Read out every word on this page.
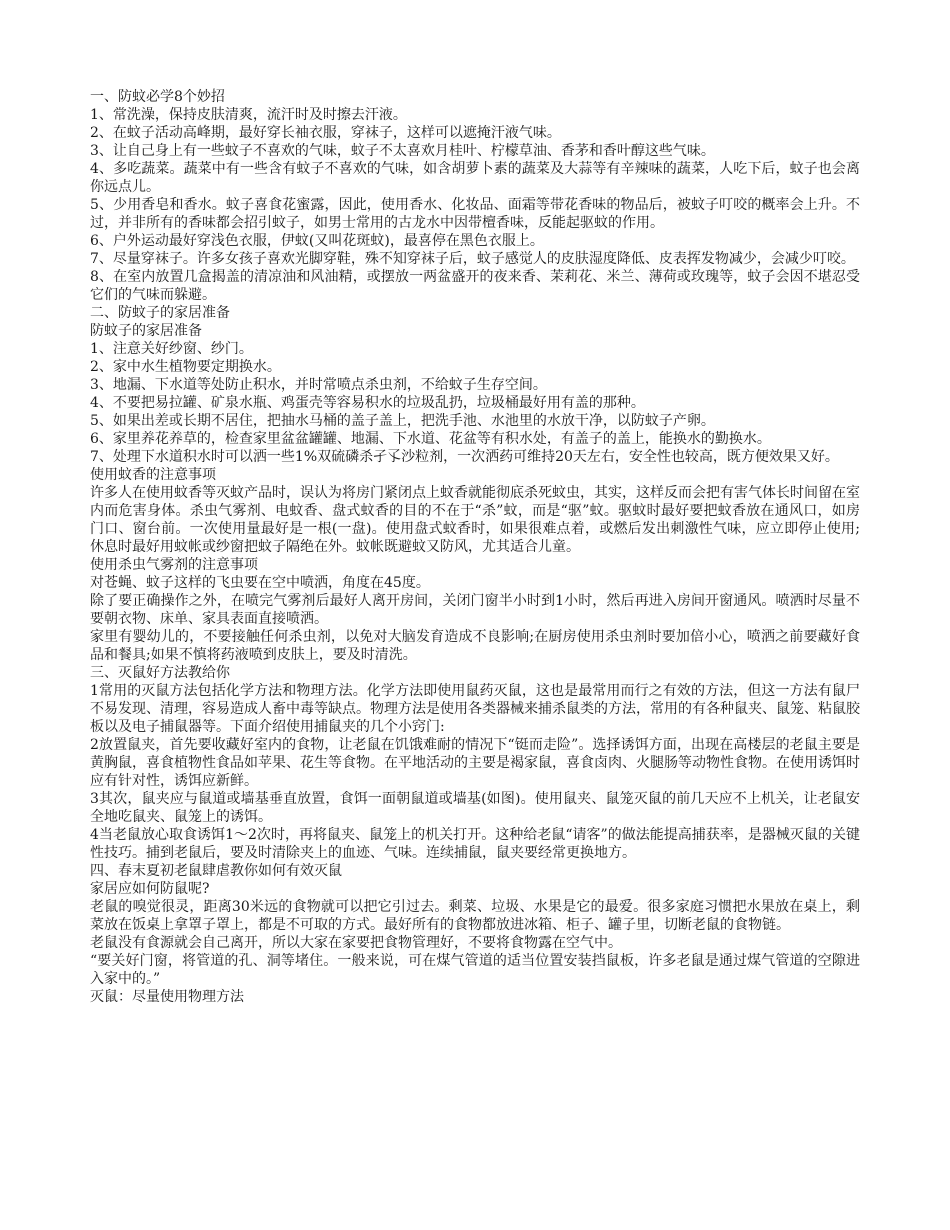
一、防蚊必学8个妙招

1、常洗澡，保持皮肤清爽，流汗时及时擦去汗液。

2、在蚊子活动高峰期，最好穿长袖衣服，穿袜子，这样可以遮掩汗液气味。

3、让自己身上有一些蚊子不喜欢的气味，蚊子不太喜欢月桂叶、柠檬草油、香茅和香叶醇这些气味。

4、多吃蔬菜。蔬菜中有一些含有蚊子不喜欢的气味，如含胡萝卜素的蔬菜及大蒜等有辛辣味的蔬菜，人吃下后，蚊子也会离你远点儿。

5、少用香皂和香水。蚊子喜食花蜜露，因此，使用香水、化妆品、面霜等带花香味的物品后，被蚊子叮咬的概率会上升。不过，并非所有的香味都会招引蚊子，如男士常用的古龙水中因带檀香味，反能起驱蚊的作用。

6、户外运动最好穿浅色衣服，伊蚊(又叫花斑蚊)，最喜停在黑色衣服上。

7、尽量穿袜子。许多女孩子喜欢光脚穿鞋，殊不知穿袜子后，蚊子感觉人的皮肤湿度降低、皮表挥发物减少，会减少叮咬。

8、在室内放置几盒揭盖的清凉油和风油精，或摆放一两盆盛开的夜来香、茉莉花、米兰、薄荷或玫瑰等，蚊子会因不堪忍受它们的气味而躲避。

二、防蚊子的家居准备

防蚊子的家居准备

1、注意关好纱窗、纱门。

2、家中水生植物要定期换水。

3、地漏、下水道等处防止积水，并时常喷点杀虫剂，不给蚊子生存空间。

4、不要把易拉罐、矿泉水瓶、鸡蛋壳等容易积水的垃圾乱扔，垃圾桶最好用有盖的那种。

5、如果出差或长期不居住，把抽水马桶的盖子盖上，把洗手池、水池里的水放干净，以防蚊子产卵。

6、家里养花养草的，检查家里盆盆罐罐、地漏、下水道、花盆等有积水处，有盖子的盖上，能换水的勤换水。

7、处理下水道积水时可以洒一些1%双硫磷杀孑孓沙粒剂，一次洒药可维持20天左右，安全性也较高，既方便效果又好。

使用蚊香的注意事项

许多人在使用蚊香等灭蚊产品时，误认为将房门紧闭点上蚊香就能彻底杀死蚊虫，其实，这样反而会把有害气体长时间留在室内而危害身体。杀虫气雾剂、电蚊香、盘式蚊香的目的不在于“杀”蚊，而是“驱”蚊。驱蚊时最好要把蚊香放在通风口，如房门口、窗台前。一次使用量最好是一根(一盘)。使用盘式蚊香时，如果很难点着，或燃后发出刺激性气味，应立即停止使用;休息时最好用蚊帐或纱窗把蚊子隔绝在外。蚊帐既避蚊又防风，尤其适合儿童。

使用杀虫气雾剂的注意事项

对苍蝇、蚊子这样的飞虫要在空中喷洒，角度在45度。

除了要正确操作之外，在喷完气雾剂后最好人离开房间，关闭门窗半小时到1小时，然后再进入房间开窗通风。喷洒时尽量不要朝衣物、床单、家具表面直接喷洒。

家里有婴幼儿的，不要接触任何杀虫剂，以免对大脑发育造成不良影响;在厨房使用杀虫剂时要加倍小心，喷洒之前要藏好食品和餐具;如果不慎将药液喷到皮肤上，要及时清洗。

三、灭鼠好方法教给你

1常用的灭鼠方法包括化学方法和物理方法。化学方法即使用鼠药灭鼠，这也是最常用而行之有效的方法，但这一方法有鼠尸不易发现、清理，容易造成人畜中毒等缺点。物理方法是使用各类器械来捕杀鼠类的方法，常用的有各种鼠夹、鼠笼、粘鼠胶板以及电子捕鼠器等。下面介绍使用捕鼠夹的几个小窍门:

2放置鼠夹，首先要收藏好室内的食物，让老鼠在饥饿难耐的情况下“铤而走险”。选择诱饵方面，出现在高楼层的老鼠主要是黄胸鼠，喜食植物性食品如苹果、花生等食物。在平地活动的主要是褐家鼠，喜食卤肉、火腿肠等动物性食物。在使用诱饵时应有针对性，诱饵应新鲜。

3其次，鼠夹应与鼠道或墙基垂直放置，食饵一面朝鼠道或墙基(如图)。使用鼠夹、鼠笼灭鼠的前几天应不上机关，让老鼠安全地吃鼠夹、鼠笼上的诱饵。

4当老鼠放心取食诱饵1～2次时，再将鼠夹、鼠笼上的机关打开。这种给老鼠“请客”的做法能提高捕获率，是器械灭鼠的关键性技巧。捕到老鼠后，要及时清除夹上的血迹、气味。连续捕鼠，鼠夹要经常更换地方。

四、春末夏初老鼠肆虐教你如何有效灭鼠

家居应如何防鼠呢?

老鼠的嗅觉很灵，距离30米远的食物就可以把它引过去。剩菜、垃圾、水果是它的最爱。很多家庭习惯把水果放在桌上，剩菜放在饭桌上拿罩子罩上，都是不可取的方式。最好所有的食物都放进冰箱、柜子、罐子里，切断老鼠的食物链。

老鼠没有食源就会自己离开，所以大家在家要把食物管理好，不要将食物露在空气中。

“要关好门窗，将管道的孔、洞等堵住。一般来说，可在煤气管道的适当位置安装挡鼠板，许多老鼠是通过煤气管道的空隙进入家中的。”

灭鼠：尽量使用物理方法
